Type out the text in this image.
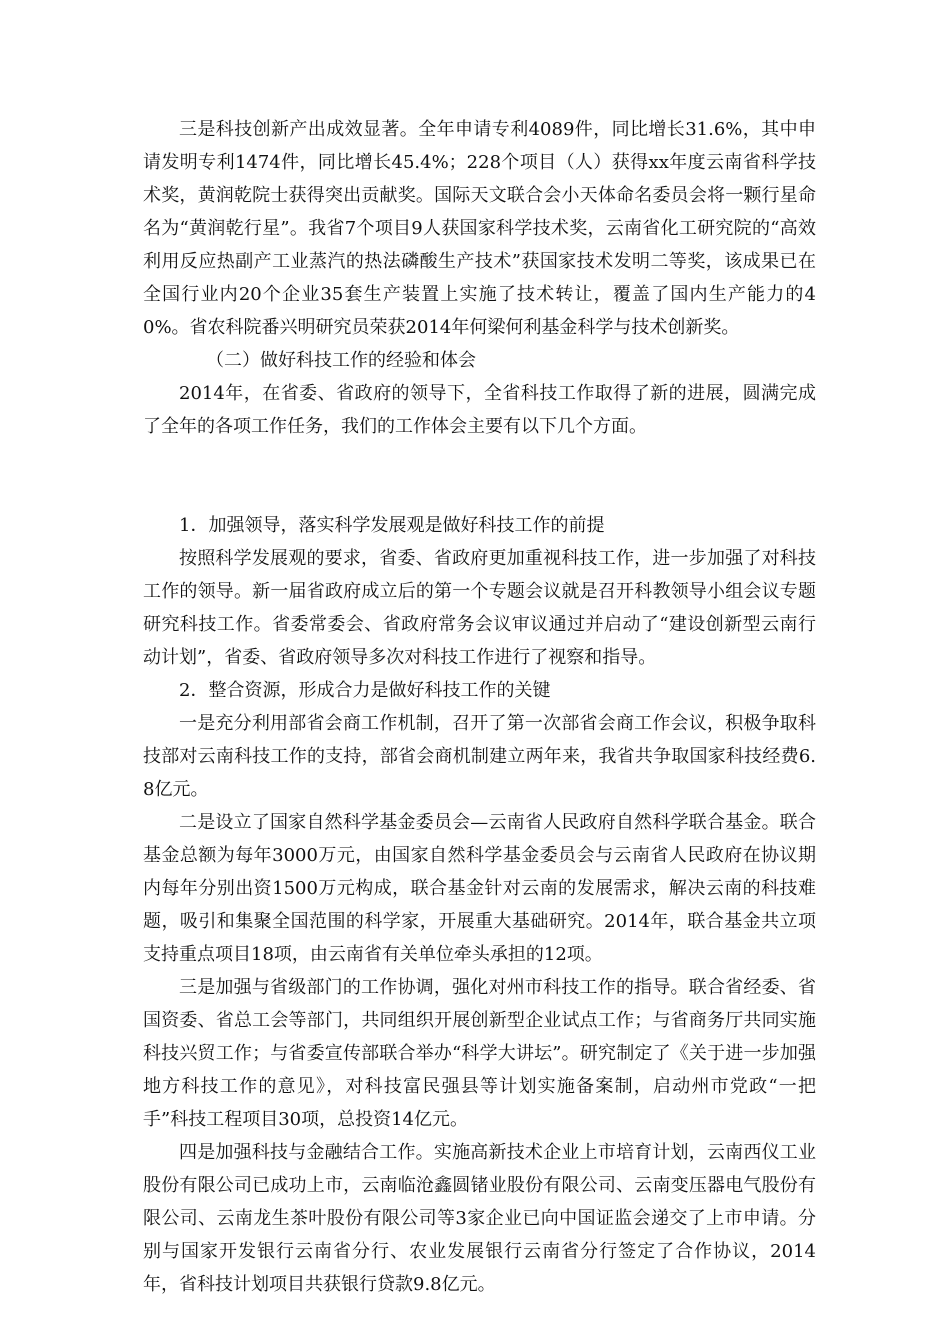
三是科技创新产出成效显著。全年申请专利4089件，同比增长31.6%，其中申请发明专利1474件，同比增长45.4%；228个项目（人）获得xx年度云南省科学技术奖，黄润乾院士获得突出贡献奖。国际天文联合会小天体命名委员会将一颗行星命名为“黄润乾行星”。我省7个项目9人获国家科学技术奖，云南省化工研究院的“高效利用反应热副产工业蒸汽的热法磷酸生产技术”获国家技术发明二等奖，该成果已在全国行业内20个企业35套生产装置上实施了技术转让，覆盖了国内生产能力的40%。省农科院番兴明研究员荣获2014年何梁何利基金科学与技术创新奖。

（二）做好科技工作的经验和体会

2014年，在省委、省政府的领导下，全省科技工作取得了新的进展，圆满完成了全年的各项工作任务，我们的工作体会主要有以下几个方面。

1．加强领导，落实科学发展观是做好科技工作的前提

按照科学发展观的要求，省委、省政府更加重视科技工作，进一步加强了对科技工作的领导。新一届省政府成立后的第一个专题会议就是召开科教领导小组会议专题研究科技工作。省委常委会、省政府常务会议审议通过并启动了“建设创新型云南行动计划”，省委、省政府领导多次对科技工作进行了视察和指导。

2．整合资源，形成合力是做好科技工作的关键

一是充分利用部省会商工作机制，召开了第一次部省会商工作会议，积极争取科技部对云南科技工作的支持，部省会商机制建立两年来，我省共争取国家科技经费6.8亿元。

二是设立了国家自然科学基金委员会—云南省人民政府自然科学联合基金。联合基金总额为每年3000万元，由国家自然科学基金委员会与云南省人民政府在协议期内每年分别出资1500万元构成，联合基金针对云南的发展需求，解决云南的科技难题，吸引和集聚全国范围的科学家，开展重大基础研究。2014年，联合基金共立项支持重点项目18项，由云南省有关单位牵头承担的12项。

三是加强与省级部门的工作协调，强化对州市科技工作的指导。联合省经委、省国资委、省总工会等部门，共同组织开展创新型企业试点工作；与省商务厅共同实施科技兴贸工作；与省委宣传部联合举办“科学大讲坛”。研究制定了《关于进一步加强地方科技工作的意见》，对科技富民强县等计划实施备案制，启动州市党政“一把手”科技工程项目30项，总投资14亿元。

四是加强科技与金融结合工作。实施高新技术企业上市培育计划，云南西仪工业股份有限公司已成功上市，云南临沧鑫圆锗业股份有限公司、云南变压器电气股份有限公司、云南龙生茶叶股份有限公司等3家企业已向中国证监会递交了上市申请。分别与国家开发银行云南省分行、农业发展银行云南省分行签定了合作协议，2014年，省科技计划项目共获银行贷款9.8亿元。
